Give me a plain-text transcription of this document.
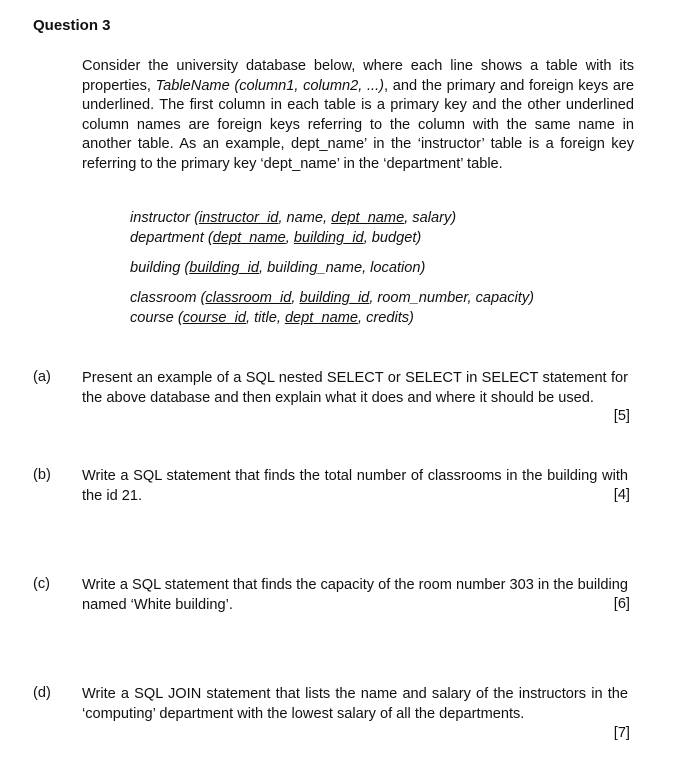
Question 3

Consider the university database below, where each line shows a table with its properties, TableName (column1, column2, ...), and the primary and foreign keys are underlined. The first column in each table is a primary key and the other underlined column names are foreign keys referring to the column with the same name in another table. As an example, dept_name’ in the ‘instructor’ table is a foreign key referring to the primary key ‘dept_name’ in the ‘department’ table.

instructor (instructor_id, name, dept_name, salary)

department (dept_name, building_id, budget)

building (building_id, building_name, location)

classroom (classroom_id, building_id, room_number, capacity)

course (course_id, title, dept_name, credits)

(a) Present an example of a SQL nested SELECT or SELECT in SELECT statement for the above database and then explain what it does and where it should be used.

[5]
(b) Write a SQL statement that finds the total number of classrooms in the building with the id 21.	[4]
(c) Write a SQL statement that finds the capacity of the room number 303 in the building named ‘White building’.	[6]
(d) Write a SQL JOIN statement that lists the name and salary of the instructors in the ‘computing’ department with the lowest salary of all the departments.

[7]
